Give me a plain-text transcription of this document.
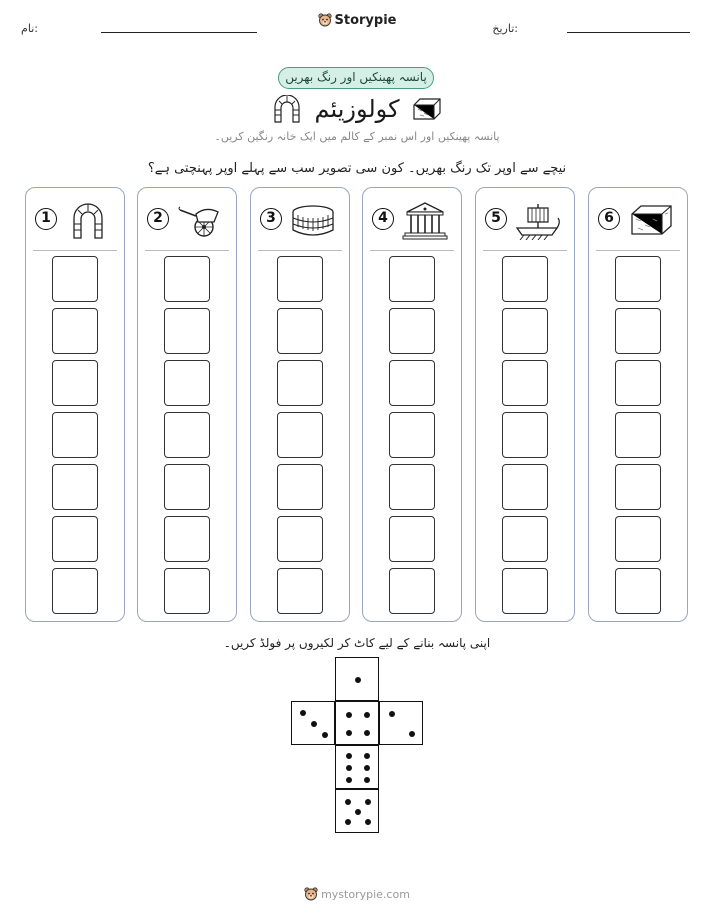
نام:
Storypie
تاریخ:
پانسہ پھینکیں اور رنگ بھریں
کولوزیئم
پانسہ پھینکیں اور اس نمبر کے کالم میں ایک خانہ رنگین کریں۔
نیچے سے اوپر تک رنگ بھریں۔ کون سی تصویر سب سے پہلے اوپر پہنچتی ہے؟
1	2	3	4	5	6
اپنی پانسہ بنانے کے لیے کاٹ کر لکیروں پر فولڈ کریں۔
mystorypie.com
